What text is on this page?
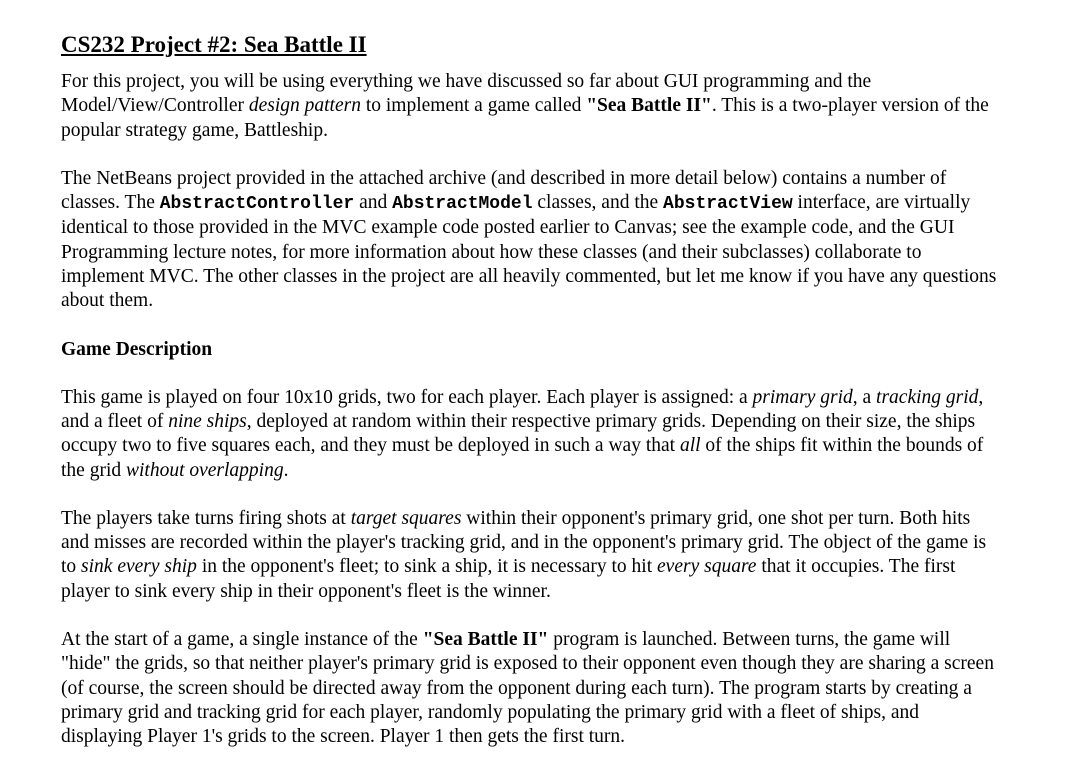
CS232 Project #2: Sea Battle II

For this project, you will be using everything we have discussed so far about GUI programming and the Model/View/Controller design pattern to implement a game called "Sea Battle II". This is a two-player version of the popular strategy game, Battleship.

The NetBeans project provided in the attached archive (and described in more detail below) contains a number of classes. The AbstractController and AbstractModel classes, and the AbstractView interface, are virtually identical to those provided in the MVC example code posted earlier to Canvas; see the example code, and the GUI Programming lecture notes, for more information about how these classes (and their subclasses) collaborate to implement MVC. The other classes in the project are all heavily commented, but let me know if you have any questions about them.

Game Description

This game is played on four 10x10 grids, two for each player. Each player is assigned: a primary grid, a tracking grid, and a fleet of nine ships, deployed at random within their respective primary grids. Depending on their size, the ships occupy two to five squares each, and they must be deployed in such a way that all of the ships fit within the bounds of the grid without overlapping.

The players take turns firing shots at target squares within their opponent's primary grid, one shot per turn. Both hits and misses are recorded within the player's tracking grid, and in the opponent's primary grid. The object of the game is to sink every ship in the opponent's fleet; to sink a ship, it is necessary to hit every square that it occupies. The first player to sink every ship in their opponent's fleet is the winner.

At the start of a game, a single instance of the "Sea Battle II" program is launched. Between turns, the game will "hide" the grids, so that neither player's primary grid is exposed to their opponent even though they are sharing a screen (of course, the screen should be directed away from the opponent during each turn). The program starts by creating a primary grid and tracking grid for each player, randomly populating the primary grid with a fleet of ships, and displaying Player 1's grids to the screen. Player 1 then gets the first turn.
